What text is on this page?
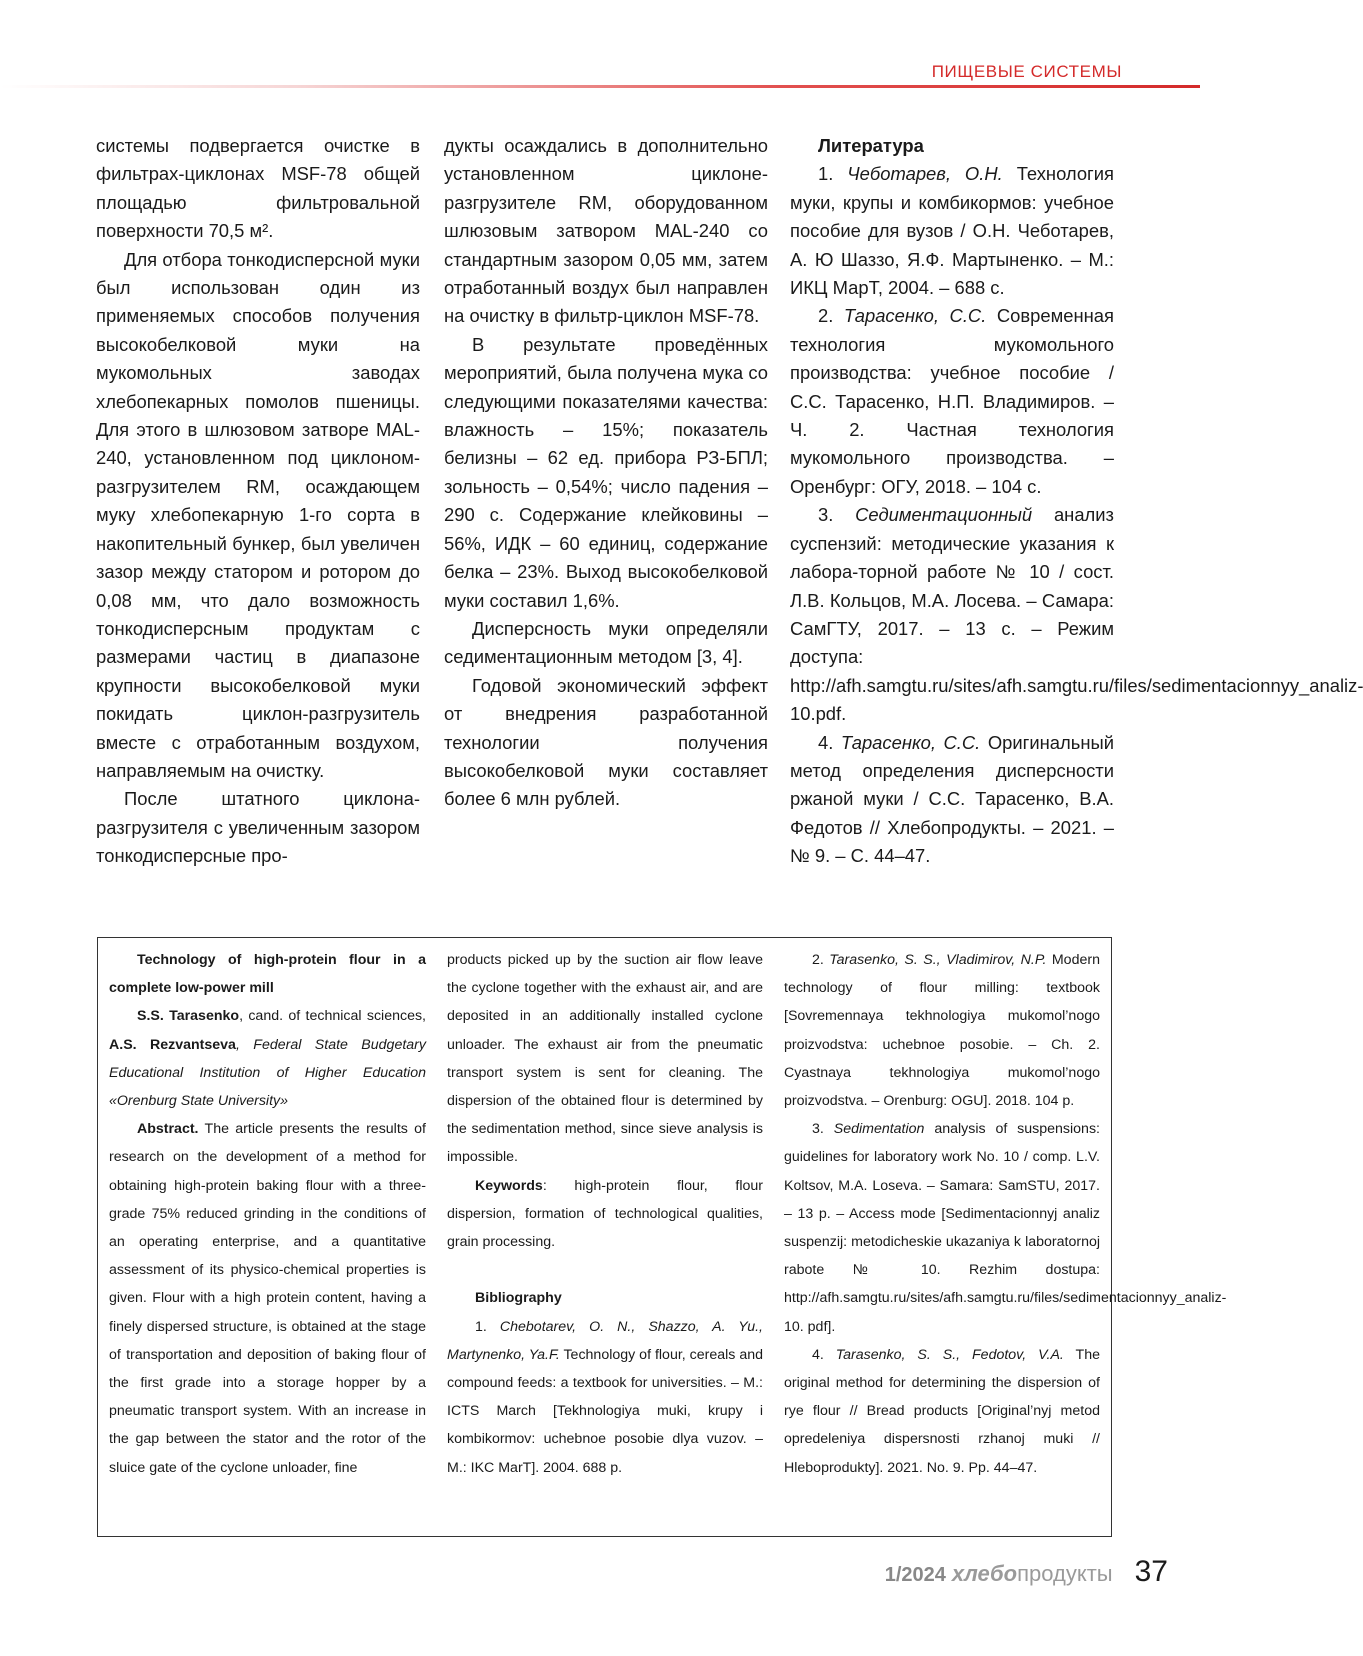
ПИЩЕВЫЕ СИСТЕМЫ

системы подвергается очистке в фильтрах-циклонах MSF-78 общей площадью фильтровальной поверхности 70,5 м².

Для отбора тонкодисперсной муки был использован один из применяемых способов получения высокобелковой муки на мукомольных заводах хлебопекарных помолов пшеницы. Для этого в шлюзовом затворе MAL-240, установленном под циклоном-разгрузителем RM, осаждающем муку хлебопекарную 1-го сорта в накопительный бункер, был увеличен зазор между статором и ротором до 0,08 мм, что дало возможность тонкодисперсным продуктам с размерами частиц в диапазоне крупности высокобелковой муки покидать циклон-разгрузитель вместе с отработанным воздухом, направляемым на очистку.

После штатного циклона-разгрузителя с увеличенным зазором тонкодисперсные про-

дукты осаждались в дополнительно установленном циклоне-разгрузителе RM, оборудованном шлюзовым затвором MAL-240 со стандартным зазором 0,05 мм, затем отработанный воздух был направлен на очистку в фильтр-циклон MSF-78.

В результате проведённых мероприятий, была получена мука со следующими показателями качества: влажность – 15%; показатель белизны – 62 ед. прибора РЗ-БПЛ; зольность – 0,54%; число падения – 290 с. Содержание клейковины – 56%, ИДК – 60 единиц, содержание белка – 23%. Выход высокобелковой муки составил 1,6%.

Дисперсность муки определяли седиментационным методом [3, 4].

Годовой экономический эффект от внедрения разработанной технологии получения высокобелковой муки составляет более 6 млн рублей.

Литература

1. Чеботарев, О.Н. Технология муки, крупы и комбикормов: учебное пособие для вузов / О.Н. Чеботарев, А. Ю Шаззо, Я.Ф. Мартыненко. – М.: ИКЦ МарТ, 2004. – 688 с.

2. Тарасенко, С.С. Современная технология мукомольного производства: учебное пособие / С.С. Тарасенко, Н.П. Владимиров. – Ч. 2. Частная технология мукомольного производства. – Оренбург: ОГУ, 2018. – 104 с.

3. Седиментационный анализ суспензий: методические указания к лабора-торной работе № 10 / сост. Л.В. Кольцов, М.А. Лосева. – Самара: СамГТУ, 2017. – 13 с. – Режим доступа: http://afh.samgtu.ru/sites/afh.samgtu.ru/files/sedimentacionnyy_analiz-10.pdf.

4. Тарасенко, С.С. Оригинальный метод определения дисперсности ржаной муки / С.С. Тарасенко, В.А. Федотов // Хлебопродукты. – 2021. – № 9. – С. 44–47.

Technology of high-protein flour in a complete low-power mill

S.S. Tarasenko, cand. of technical sciences, A.S. Rezvantseva, Federal State Budgetary Educational Institution of Higher Education «Orenburg State University»

Abstract. The article presents the results of research on the development of a method for obtaining high-protein baking flour with a three-grade 75% reduced grinding in the conditions of an operating enterprise, and a quantitative assessment of its physico-chemical properties is given. Flour with a high protein content, having a finely dispersed structure, is obtained at the stage of transportation and deposition of baking flour of the first grade into a storage hopper by a pneumatic transport system. With an increase in the gap between the stator and the rotor of the sluice gate of the cyclone unloader, fine

products picked up by the suction air flow leave the cyclone together with the exhaust air, and are deposited in an additionally installed cyclone unloader. The exhaust air from the pneumatic transport system is sent for cleaning. The dispersion of the obtained flour is determined by the sedimentation method, since sieve analysis is impossible.

Keywords: high-protein flour, flour dispersion, formation of technological qualities, grain processing.

Bibliography

1. Chebotarev, O. N., Shazzo, A. Yu., Martynenko, Ya.F. Technology of flour, cereals and compound feeds: a textbook for universities. – M.: ICTS March [Tekhnologiya muki, krupy i kombikormov: uchebnoe posobie dlya vuzov. – M.: IKC MarT]. 2004. 688 p.

2. Tarasenko, S. S., Vladimirov, N.P. Modern technology of flour milling: textbook [Sovremennaya tekhnologiya mukomol’nogo proizvodstva: uchebnoe posobie. – Ch. 2. Cyastnaya tekhnologiya mukomol’nogo proizvodstva. – Orenburg: OGU]. 2018. 104 p.

3. Sedimentation analysis of suspensions: guidelines for laboratory work No. 10 / comp. L.V. Koltsov, M.A. Loseva. – Samara: SamSTU, 2017. – 13 p. – Access mode [Sedimentacionnyj analiz suspenzij: metodicheskie ukazaniya k laboratornoj rabote № 10. Rezhim dostupa: http://afh.samgtu.ru/sites/afh.samgtu.ru/files/sedimentacionnyy_analiz-10. pdf].

4. Tarasenko, S. S., Fedotov, V.A. The original method for determining the dispersion of rye flour // Bread products [Original’nyj metod opredeleniya dispersnosti rzhanoj muki // Hleboprodukty]. 2021. No. 9. Pp. 44–47.

1/2024 хлебо продукты 37
